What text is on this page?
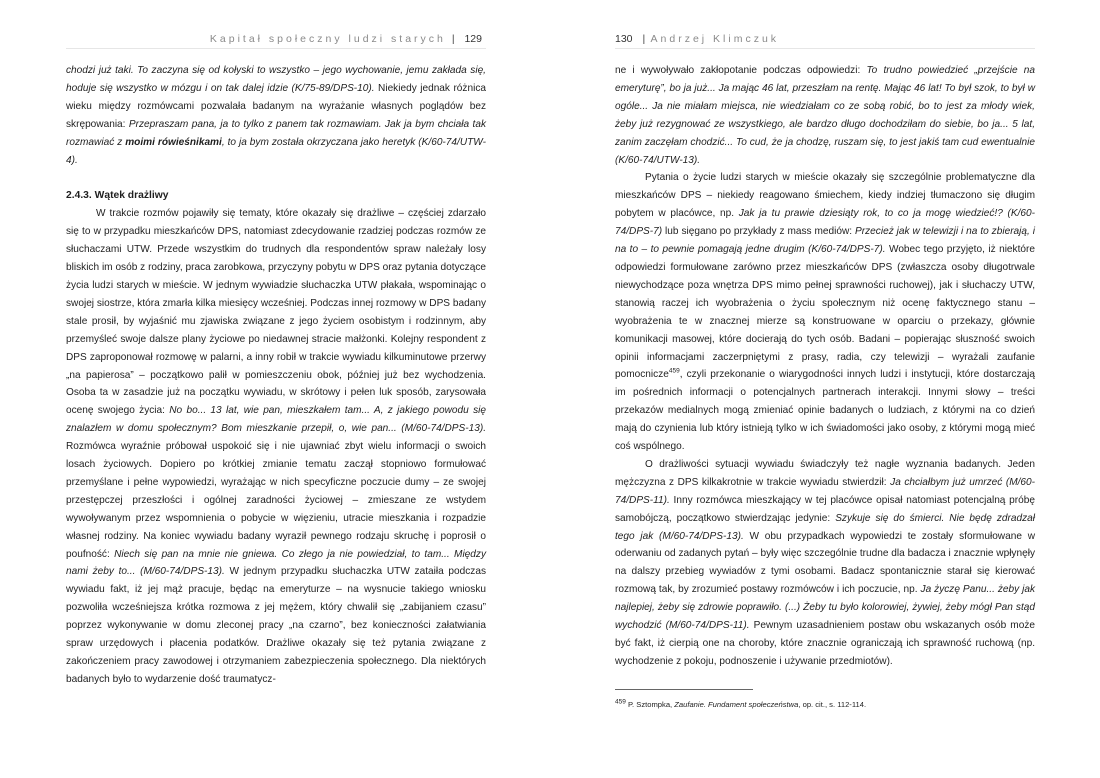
Kapitał społeczny ludzi starych | 129

chodzi już taki. To zaczyna się od kołyski to wszystko – jego wychowanie, jemu zakłada się, hoduje się wszystko w mózgu i on tak dalej idzie (K/75-89/DPS-10). Niekiedy jednak różnica wieku między rozmówcami pozwalała badanym na wyrażanie własnych poglądów bez skrępowania: Przepraszam pana, ja to tylko z panem tak rozmawiam. Jak ja bym chciała tak rozmawiać z moimi rówieśnikami, to ja bym została okrzyczana jako heretyk (K/60-74/UTW-4).

2.4.3. Wątek drażliwy

W trakcie rozmów pojawiły się tematy, które okazały się drażliwe – częściej zdarzało się to w przypadku mieszkańców DPS, natomiast zdecydowanie rzadziej podczas rozmów ze słuchaczami UTW. Przede wszystkim do trudnych dla respondentów spraw należały losy bliskich im osób z rodziny, praca zarobkowa, przyczyny pobytu w DPS oraz pytania dotyczące życia ludzi starych w mieście. W jednym wywiadzie słuchaczka UTW płakała, wspominając o swojej siostrze, która zmarła kilka miesięcy wcześniej. Podczas innej rozmowy w DPS badany stale prosił, by wyjaśnić mu zjawiska związane z jego życiem osobistym i rodzinnym, aby przemyśleć swoje dalsze plany życiowe po niedawnej stracie małżonki. Kolejny respondent z DPS zaproponował rozmowę w palarni, a inny robił w trakcie wywiadu kilkuminutowe przerwy „na papierosa” – początkowo palił w pomieszczeniu obok, później już bez wychodzenia. Osoba ta w zasadzie już na początku wywiadu, w skrótowy i pełen luk sposób, zarysowała ocenę swojego życia: No bo... 13 lat, wie pan, mieszkałem tam... A, z jakiego powodu się znalazłem w domu społecznym? Bom mieszkanie przepił, o, wie pan... (M/60-74/DPS-13). Rozmówca wyraźnie próbował uspokoić się i nie ujawniać zbyt wielu informacji o swoich losach życiowych. Dopiero po krótkiej zmianie tematu zaczął stopniowo formułować przemyślane i pełne wypowiedzi, wyrażając w nich specyficzne poczucie dumy – ze swojej przestępczej przeszłości i ogólnej zaradności życiowej – zmieszane ze wstydem wywoływanym przez wspomnienia o pobycie w więzieniu, utracie mieszkania i rozpadzie własnej rodziny. Na koniec wywiadu badany wyraził pewnego rodzaju skruchę i poprosił o poufność: Niech się pan na mnie nie gniewa. Co złego ja nie powiedział, to tam... Między nami żeby to... (M/60-74/DPS-13). W jednym przypadku słuchaczka UTW zataiła podczas wywiadu fakt, iż jej mąż pracuje, będąc na emeryturze – na wysnucie takiego wniosku pozwoliła wcześniejsza krótka rozmowa z jej mężem, który chwalił się „zabijaniem czasu” poprzez wykonywanie w domu zleconej pracy „na czarno”, bez konieczności załatwiania spraw urzędowych i płacenia podatków. Drażliwe okazały się też pytania związane z zakończeniem pracy zawodowej i otrzymaniem zabezpieczenia społecznego. Dla niektórych badanych było to wydarzenie dość traumatycz-

130 | Andrzej Klimczuk

ne i wywoływało zakłopotanie podczas odpowiedzi: To trudno powiedzieć „przejście na emeryturę”, bo ja już... Ja mając 46 lat, przeszłam na rentę. Mając 46 lat! To był szok, to był w ogóle... Ja nie miałam miejsca, nie wiedziałam co ze sobą robić, bo to jest za młody wiek, żeby już rezygnować ze wszystkiego, ale bardzo długo dochodziłam do siebie, bo ja... 5 lat, zanim zaczęłam chodzić... To cud, że ja chodzę, ruszam się, to jest jakiś tam cud ewentualnie (K/60-74/UTW-13).

Pytania o życie ludzi starych w mieście okazały się szczególnie problematyczne dla mieszkańców DPS – niekiedy reagowano śmiechem, kiedy indziej tłumaczono się długim pobytem w placówce, np. Jak ja tu prawie dziesiąty rok, to co ja mogę wiedzieć!? (K/60-74/DPS-7) lub sięgano po przykłady z mass mediów: Przecież jak w telewizji i na to zbierają, i na to – to pewnie pomagają jedne drugim (K/60-74/DPS-7). Wobec tego przyjęto, iż niektóre odpowiedzi formułowane zarówno przez mieszkańców DPS (zwłaszcza osoby długotrwale niewychodzące poza wnętrza DPS mimo pełnej sprawności ruchowej), jak i słuchaczy UTW, stanowią raczej ich wyobrażenia o życiu społecznym niż ocenę faktycznego stanu – wyobrażenia te w znacznej mierze są konstruowane w oparciu o przekazy, głównie komunikacji masowej, które docierają do tych osób. Badani – popierając słuszność swoich opinii informacjami zaczerpniętymi z prasy, radia, czy telewizji – wyrażali zaufanie pomocnicze$^{459}$, czyli przekonanie o wiarygodności innych ludzi i instytucji, które dostarczają im pośrednich informacji o potencjalnych partnerach interakcji. Innymi słowy – treści przekazów medialnych mogą zmieniać opinie badanych o ludziach, z którymi na co dzień mają do czynienia lub który istnieją tylko w ich świadomości jako osoby, z którymi mogą mieć coś wspólnego.

O drażliwości sytuacji wywiadu świadczyły też nagłe wyznania badanych. Jeden mężczyzna z DPS kilkakrotnie w trakcie wywiadu stwierdził: Ja chciałbym już umrzeć (M/60-74/DPS-11). Inny rozmówca mieszkający w tej placówce opisał natomiast potencjalną próbę samobójczą, początkowo stwierdzając jedynie: Szykuje się do śmierci. Nie będę zdradzał tego jak (M/60-74/DPS-13). W obu przypadkach wypowiedzi te zostały sformułowane w oderwaniu od zadanych pytań – były więc szczególnie trudne dla badacza i znacznie wpłynęły na dalszy przebieg wywiadów z tymi osobami. Badacz spontanicznie starał się kierować rozmową tak, by zrozumieć postawy rozmówców i ich poczucie, np. Ja życzę Panu... żeby jak najlepiej, żeby się zdrowie poprawiło. (...) Żeby tu było kolorowiej, żywiej, żeby mógł Pan stąd wychodzić (M/60-74/DPS-11). Pewnym uzasadnieniem postaw obu wskazanych osób może być fakt, iż cierpią one na choroby, które znacznie ograniczają ich sprawność ruchową (np. wychodzenie z pokoju, podnoszenie i używanie przedmiotów).

$^{459}$ P. Sztompka, Zaufanie. Fundament społeczeństwa, op. cit., s. 112-114.
